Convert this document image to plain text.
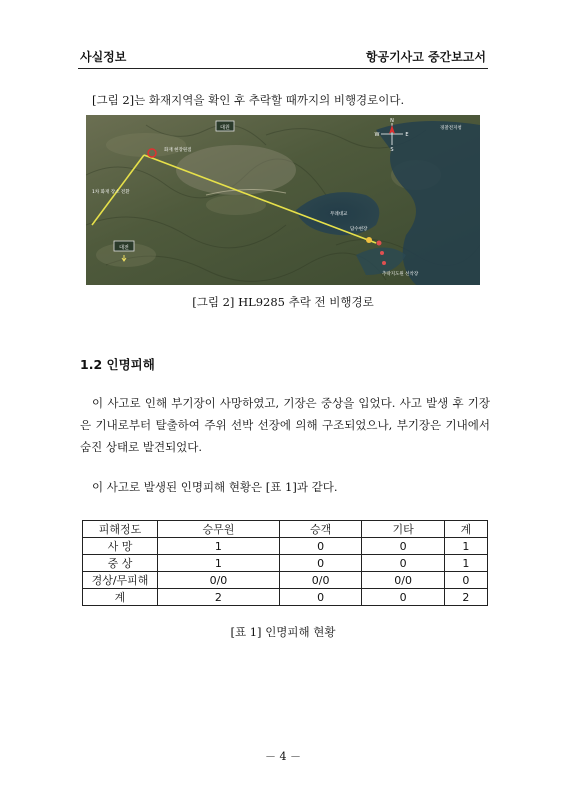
사실정보	항공기사고 중간보고서
[그림 2]는 화재지역을 확인 후 추락할 때까지의 비행경로이다.
대원
대전
화재 현장원점
1차 화재 장소 전환
무례대교
담수현장
경찰전지청
추락지도원 선착장
N
S
W	E
[그림 2] HL9285 추락 전 비행경로
1.2 인명피해
이 사고로 인해 부기장이 사망하였고, 기장은 중상을 입었다. 사고 발생 후 기장은 기내로부터 탈출하여 주위 선박 선장에 의해 구조되었으나, 부기장은 기내에서 숨진 상태로 발견되었다.
이 사고로 발생된 인명피해 현황은 [표 1]과 같다.
피해정도	승무원	승객	기타	계
사 망	1	0	0	1
중 상	1	0	0	1
경상/무피해	0/0	0/0	0/0	0
계	2	0	0	2
[표 1] 인명피해 현황
－ 4 －
